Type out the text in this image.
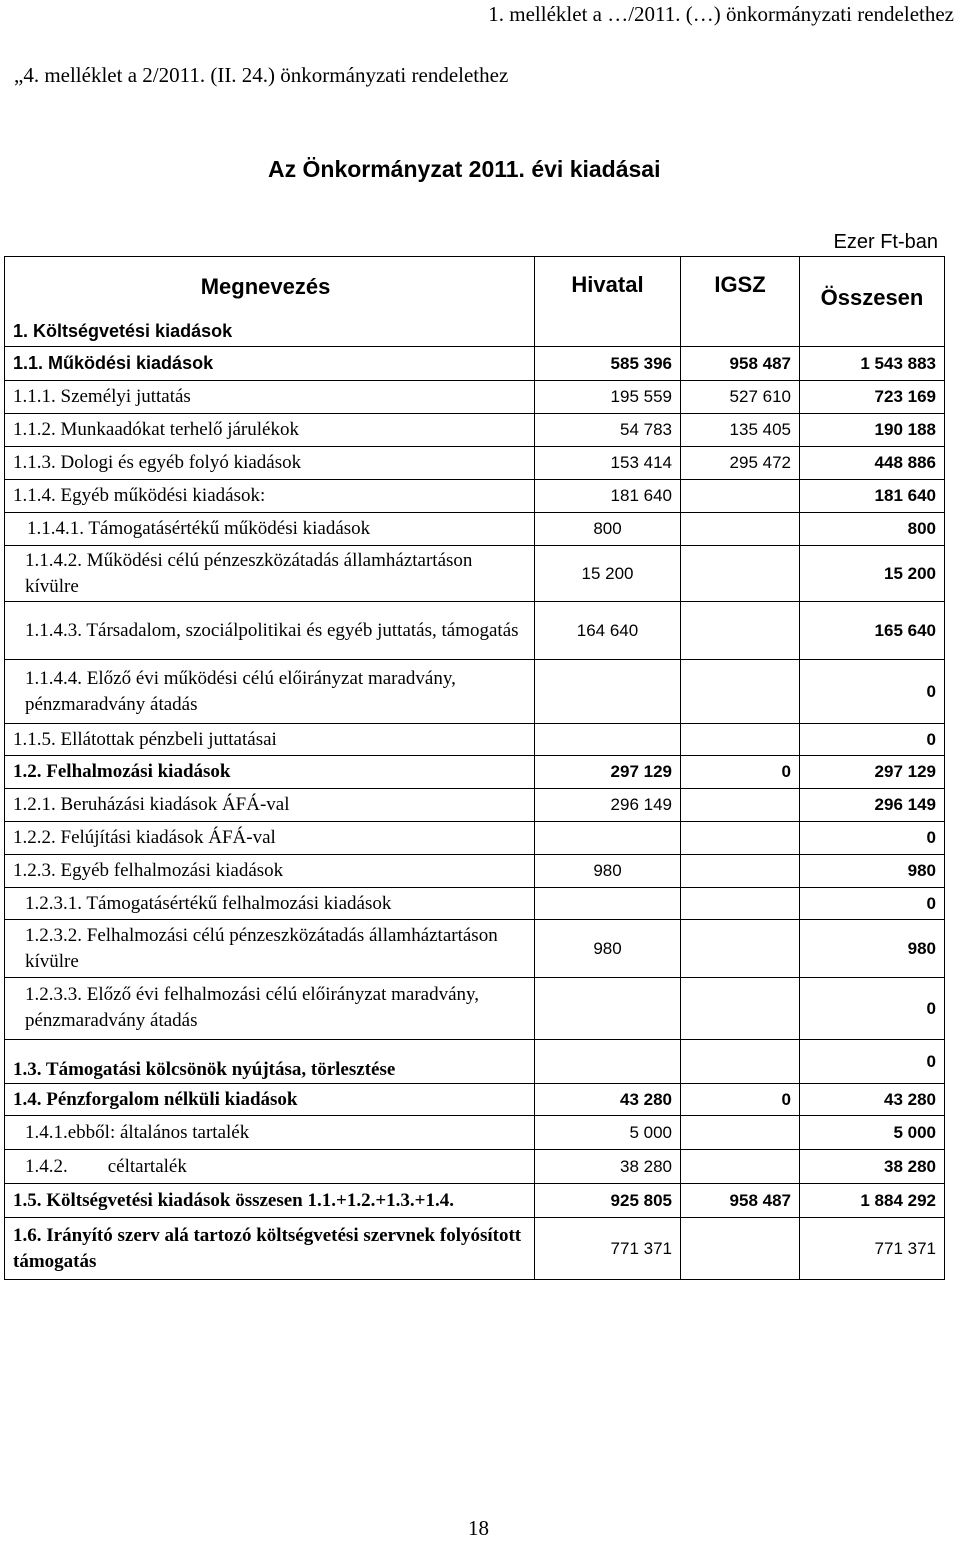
1. melléklet a …/2011. (…) önkormányzati rendelethez
„4. melléklet a 2/2011. (II. 24.) önkormányzati rendelethez
Az Önkormányzat 2011. évi kiadásai
Ezer Ft-ban
Megnevezés	Hivatal	IGSZ	Összesen
1. Költségvetési kiadások			
1.1. Működési kiadások	585 396	958 487	1 543 883
1.1.1. Személyi juttatás	195 559	527 610	723 169
1.1.2. Munkaadókat terhelő járulékok	54 783	135 405	190 188
1.1.3. Dologi és egyéb folyó kiadások	153 414	295 472	448 886
1.1.4. Egyéb működési kiadások:	181 640		181 640
1.1.4.1. Támogatásértékű működési kiadások	800		800
1.1.4.2. Működési célú pénzeszközátadás államháztartáson kívülre	15 200		15 200
1.1.4.3. Társadalom, szociálpolitikai és egyéb juttatás, támogatás	164 640		165 640
1.1.4.4. Előző évi működési célú előirányzat maradvány, pénzmaradvány átadás			0
1.1.5. Ellátottak pénzbeli juttatásai			0
1.2. Felhalmozási kiadások	297 129	0	297 129
1.2.1. Beruházási kiadások ÁFÁ-val	296 149		296 149
1.2.2. Felújítási kiadások ÁFÁ-val			0
1.2.3. Egyéb felhalmozási kiadások	980		980
1.2.3.1. Támogatásértékű felhalmozási kiadások			0
1.2.3.2. Felhalmozási célú pénzeszközátadás államháztartáson kívülre	980		980
1.2.3.3. Előző évi felhalmozási célú előirányzat maradvány, pénzmaradvány átadás			0
1.3. Támogatási kölcsönök nyújtása, törlesztése			0
1.4. Pénzforgalom nélküli kiadások	43 280	0	43 280
1.4.1.ebből: általános tartalék	5 000		5 000
1.4.2. céltartalék	38 280		38 280
1.5. Költségvetési kiadások összesen 1.1.+1.2.+1.3.+1.4.	925 805	958 487	1 884 292
1.6. Irányító szerv alá tartozó költségvetési szervnek folyósított támogatás	771 371		771 371
18
